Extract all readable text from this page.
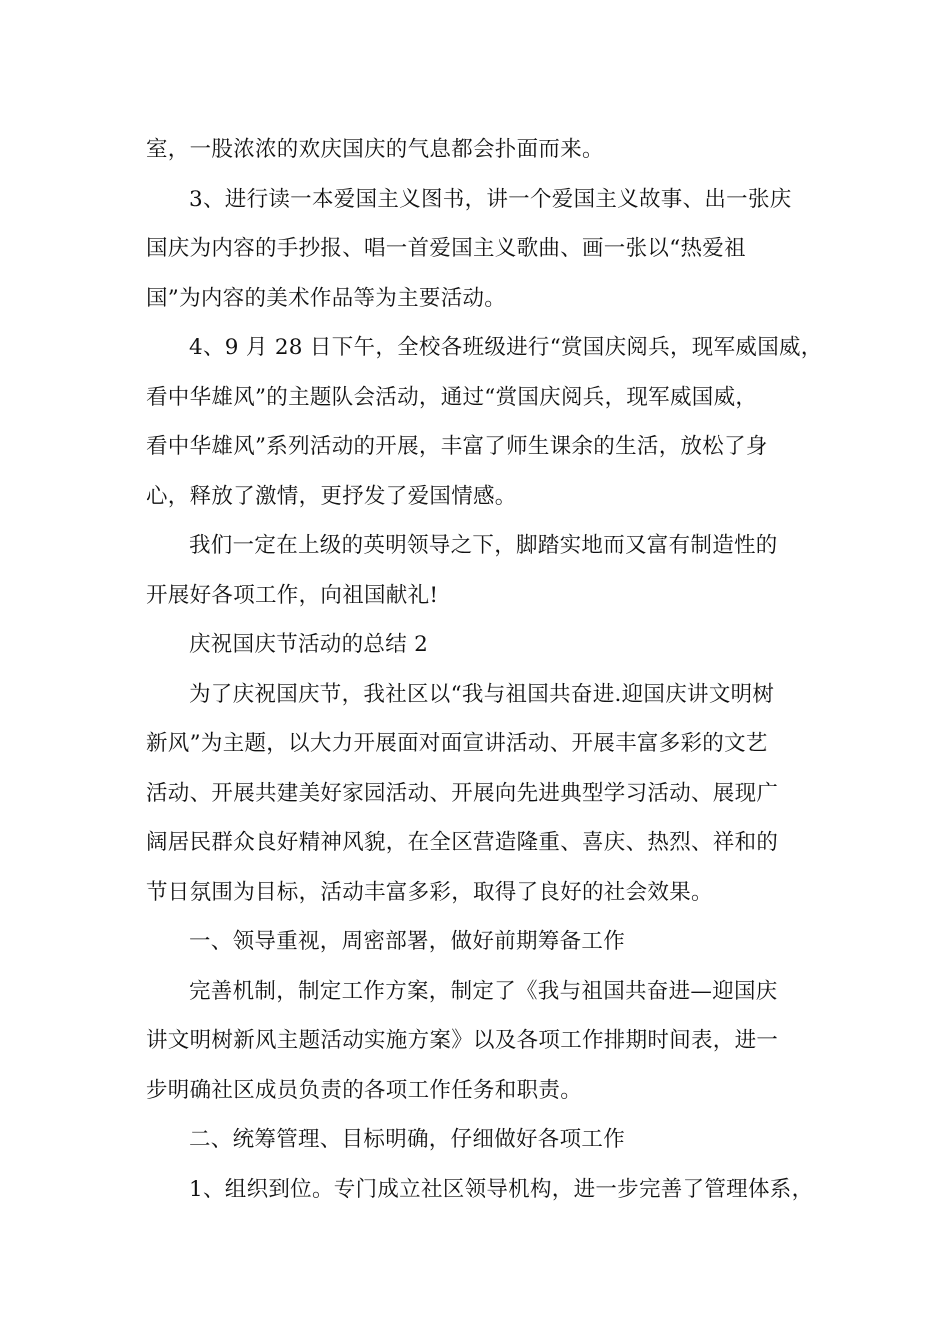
室，一股浓浓的欢庆国庆的气息都会扑面而来。
3、进行读一本爱国主义图书，讲一个爱国主义故事、出一张庆
国庆为内容的手抄报、唱一首爱国主义歌曲、画一张以“热爱祖
国”为内容的美术作品等为主要活动。
4、9 月 28 日下午，全校各班级进行“赏国庆阅兵，现军威国威，
看中华雄风”的主题队会活动，通过“赏国庆阅兵，现军威国威，
看中华雄风”系列活动的开展，丰富了师生课余的生活，放松了身
心，释放了激情，更抒发了爱国情感。
我们一定在上级的英明领导之下，脚踏实地而又富有制造性的
开展好各项工作，向祖国献礼!
庆祝国庆节活动的总结 2
为了庆祝国庆节，我社区以“我与祖国共奋进.迎国庆讲文明树
新风”为主题，以大力开展面对面宣讲活动、开展丰富多彩的文艺
活动、开展共建美好家园活动、开展向先进典型学习活动、展现广
阔居民群众良好精神风貌，在全区营造隆重、喜庆、热烈、祥和的
节日氛围为目标，活动丰富多彩，取得了良好的社会效果。
一、领导重视，周密部署，做好前期筹备工作
完善机制，制定工作方案，制定了《我与祖国共奋进—迎国庆
讲文明树新风主题活动实施方案》以及各项工作排期时间表，进一
步明确社区成员负责的各项工作任务和职责。
二、统筹管理、目标明确，仔细做好各项工作
1、组织到位。专门成立社区领导机构，进一步完善了管理体系，
